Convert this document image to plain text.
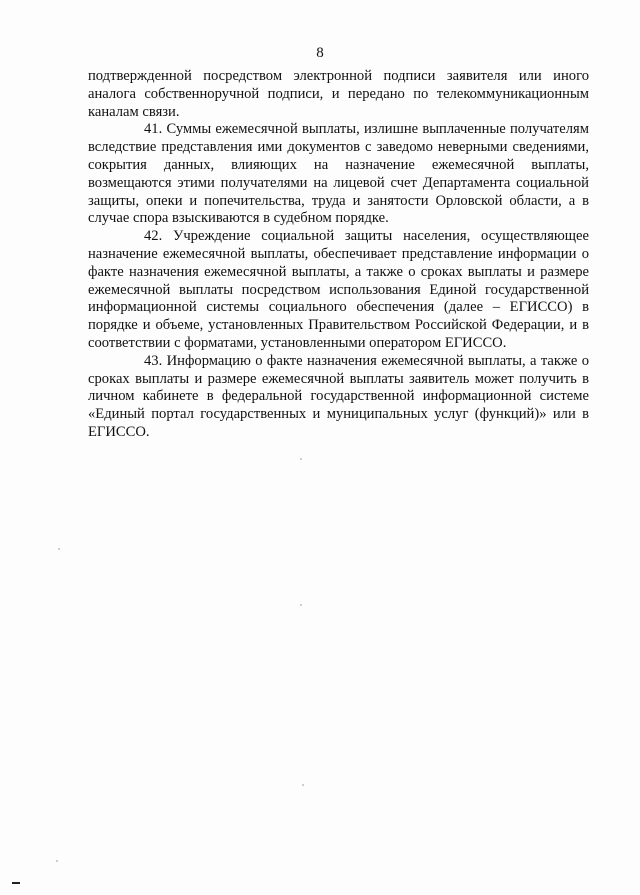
8

подтвержденной посредством электронной подписи заявителя или иного аналога собственноручной подписи, и передано по телекоммуникационным каналам связи.

41. Суммы ежемесячной выплаты, излишне выплаченные получателям вследствие представления ими документов с заведомо неверными сведениями, сокрытия данных, влияющих на назначение ежемесячной выплаты, возмещаются этими получателями на лицевой счет Департамента социальной защиты, опеки и попечительства, труда и занятости Орловской области, а в случае спора взыскиваются в судебном порядке.

42. Учреждение социальной защиты населения, осуществляющее назначение ежемесячной выплаты, обеспечивает представление информации о факте назначения ежемесячной выплаты, а также о сроках выплаты и размере ежемесячной выплаты посредством использования Единой государственной информационной системы социального обеспечения (далее – ЕГИССО) в порядке и объеме, установленных Правительством Российской Федерации, и в соответствии с форматами, установленными оператором ЕГИССО.

43. Информацию о факте назначения ежемесячной выплаты, а также о сроках выплаты и размере ежемесячной выплаты заявитель может получить в личном кабинете в федеральной государственной информационной системе «Единый портал государственных и муниципальных услуг (функций)» или в ЕГИССО.
